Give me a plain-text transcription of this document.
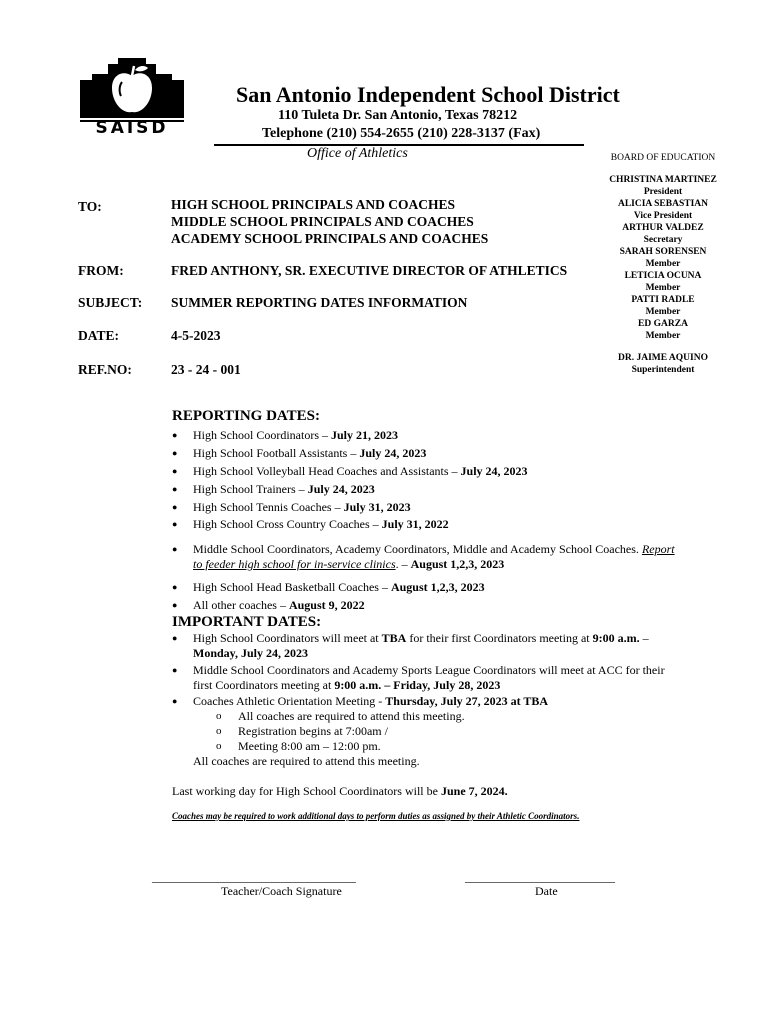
SAISD
San Antonio Independent School District
110 Tuleta Dr. San Antonio, Texas 78212
Telephone (210) 554-2655 (210) 228-3137 (Fax)
Office of Athletics	BOARD OF EDUCATION
CHRISTINA MARTINEZ
President
ALICIA SEBASTIAN
Vice President
ARTHUR VALDEZ
Secretary
SARAH SORENSEN
Member
LETICIA OCUNA
Member
PATTI RADLE
Member
ED GARZA
Member
DR. JAIME AQUINO
Superintendent
TO:	HIGH SCHOOL PRINCIPALS AND COACHES
MIDDLE SCHOOL PRINCIPALS AND COACHES
ACADEMY SCHOOL PRINCIPALS AND COACHES
FROM:	FRED ANTHONY, SR. EXECUTIVE DIRECTOR OF ATHLETICS
SUBJECT: SUMMER REPORTING DATES INFORMATION
DATE:	4-5-2023
REF.NO:	23 - 24 - 001
REPORTING DATES:
● High School Coordinators – July 21, 2023
● High School Football Assistants – July 24, 2023
● High School Volleyball Head Coaches and Assistants – July 24, 2023
● High School Trainers – July 24, 2023
● High School Tennis Coaches – July 31, 2023
● High School Cross Country Coaches – July 31, 2022
● Middle School Coordinators, Academy Coordinators, Middle and Academy School Coaches. Report
to feeder high school for in-service clinics. – August 1,2,3, 2023
● High School Head Basketball Coaches – August 1,2,3, 2023
● All other coaches – August 9, 2022
IMPORTANT DATES:
● High School Coordinators will meet at TBA for their first Coordinators meeting at 9:00 a.m. –
Monday, July 24, 2023
● Middle School Coordinators and Academy Sports League Coordinators will meet at ACC for their
first Coordinators meeting at 9:00 a.m. – Friday, July 28, 2023
● Coaches Athletic Orientation Meeting - Thursday, July 27, 2023 at TBA
o All coaches are required to attend this meeting.
o Registration begins at 7:00am /
o Meeting 8:00 am – 12:00 pm.
All coaches are required to attend this meeting.
Last working day for High School Coordinators will be June 7, 2024.
Coaches may be required to work additional days to perform duties as assigned by their Athletic Coordinators.
__________________________________
Teacher/Coach Signature
_________________________
Date
